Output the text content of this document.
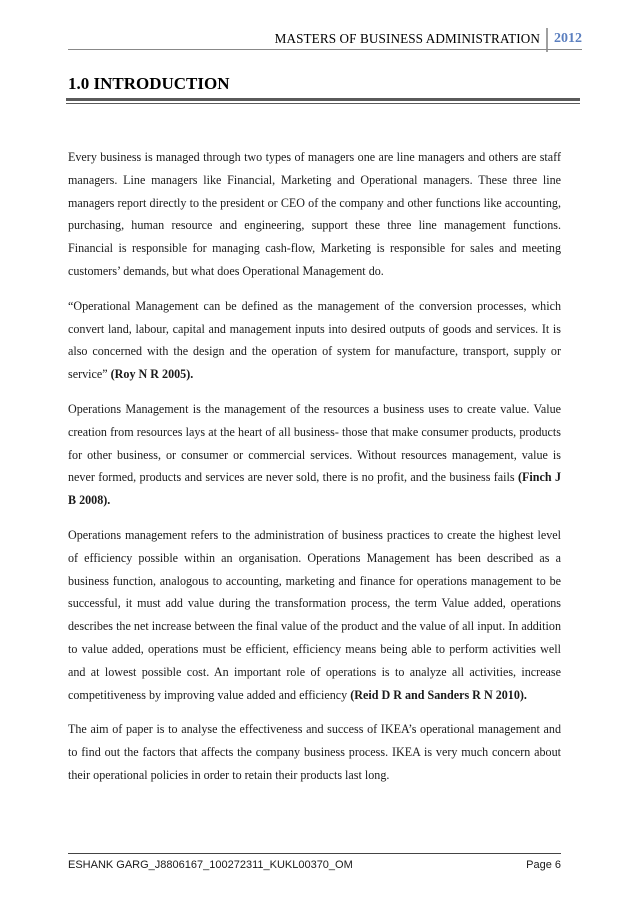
MASTERS OF BUSINESS ADMINISTRATION	2012
1.0 INTRODUCTION

Every business is managed through two types of managers one are line managers and others are staff managers. Line managers like Financial, Marketing and Operational managers. These three line managers report directly to the president or CEO of the company and other functions like accounting, purchasing, human resource and engineering, support these three line management functions. Financial is responsible for managing cash-flow, Marketing is responsible for sales and meeting customers’ demands, but what does Operational Management do.

“Operational Management can be defined as the management of the conversion processes, which convert land, labour, capital and management inputs into desired outputs of goods and services. It is also concerned with the design and the operation of system for manufacture, transport, supply or service” (Roy N R 2005).

Operations Management is the management of the resources a business uses to create value. Value creation from resources lays at the heart of all business- those that make consumer products, products for other business, or consumer or commercial services. Without resources management, value is never formed, products and services are never sold, there is no profit, and the business fails (Finch J B 2008).

Operations management refers to the administration of business practices to create the highest level of efficiency possible within an organisation. Operations Management has been described as a business function, analogous to accounting, marketing and finance for operations management to be successful, it must add value during the transformation process, the term Value added, operations describes the net increase between the final value of the product and the value of all input. In addition to value added, operations must be efficient, efficiency means being able to perform activities well and at lowest possible cost. An important role of operations is to analyze all activities, increase competitiveness by improving value added and efficiency (Reid D R and Sanders R N 2010).

The aim of paper is to analyse the effectiveness and success of IKEA’s operational management and to find out the factors that affects the company business process. IKEA is very much concern about their operational policies in order to retain their products last long.

ESHANK GARG_J8806167_100272311_KUKL00370_OM	Page 6
